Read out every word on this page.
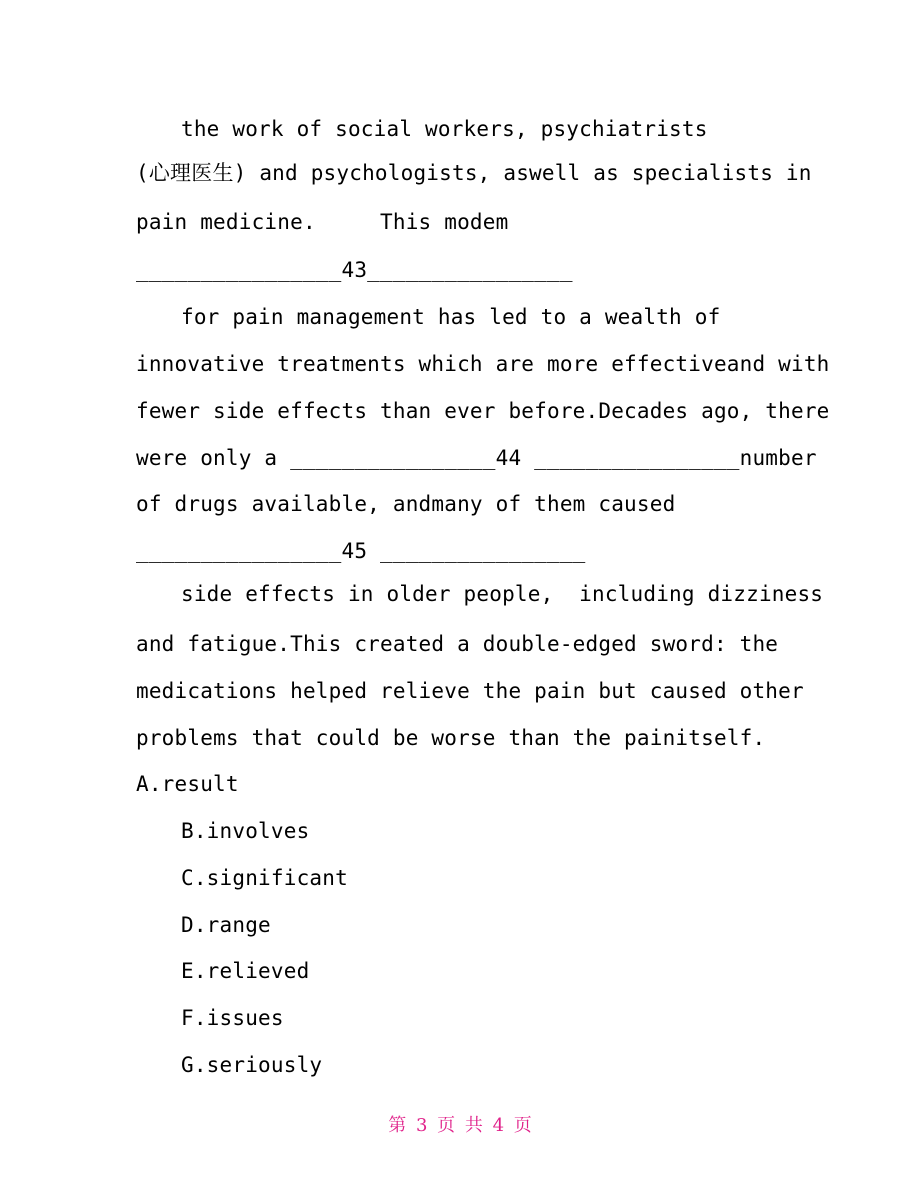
the work of social workers, psychiatrists
(心理医生) and psychologists, aswell as specialists in
pain medicine.     This modem
________________43________________
for pain management has led to a wealth of
innovative treatments which are more effectiveand with
fewer side effects than ever before.Decades ago, there
were only a ________________44 ________________number
of drugs available, andmany of them caused
________________45 ________________
side effects in older people,  including dizziness
and fatigue.This created a double-edged sword: the
medications helped relieve the pain but caused other
problems that could be worse than the painitself.
A.result
B.involves
C.significant
D.range
E.relieved
F.issues
G.seriously
第 3 页 共 4 页
